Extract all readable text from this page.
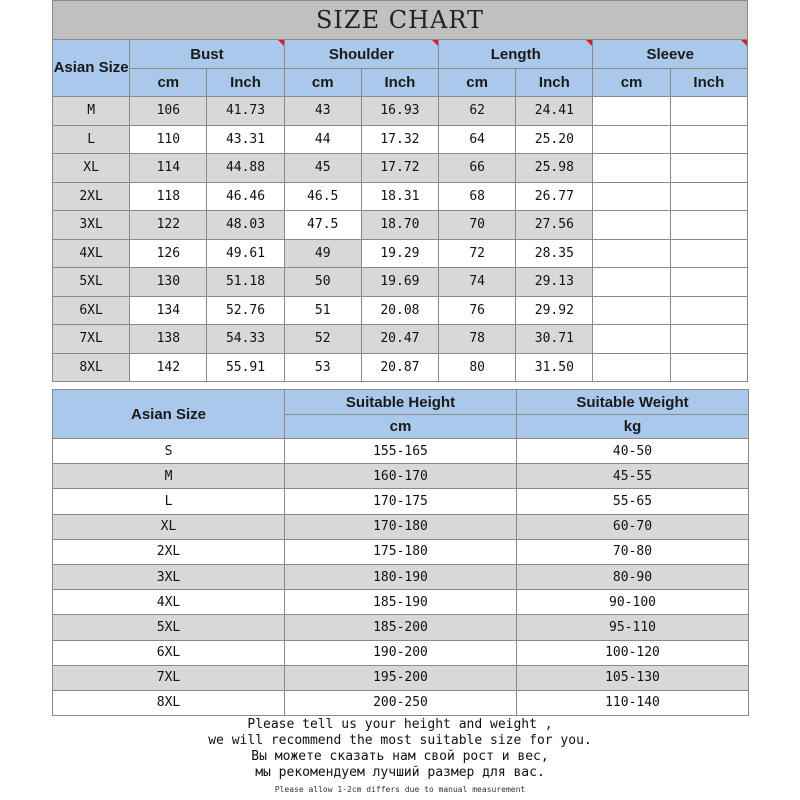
SIZE CHART
Asian Size	Bust		Shoulder		Length		Sleeve	
	cm	Inch	cm	Inch	cm	Inch	cm	Inch
M	106	41.73	43	16.93	62	24.41		
L	110	43.31	44	17.32	64	25.20		
XL	114	44.88	45	17.72	66	25.98		
2XL	118	46.46	46.5	18.31	68	26.77		
3XL	122	48.03	47.5	18.70	70	27.56		
4XL	126	49.61	49	19.29	72	28.35		
5XL	130	51.18	50	19.69	74	29.13		
6XL	134	52.76	51	20.08	76	29.92		
7XL	138	54.33	52	20.47	78	30.71		
8XL	142	55.91	53	20.87	80	31.50		
Asian Size	Suitable Height	Suitable Weight
	cm	kg
S	155-165	40-50
M	160-170	45-55
L	170-175	55-65
XL	170-180	60-70
2XL	175-180	70-80
3XL	180-190	80-90
4XL	185-190	90-100
5XL	185-200	95-110
6XL	190-200	100-120
7XL	195-200	105-130
8XL	200-250	110-140
Please tell us your height and weight ,
we will recommend the most suitable size for you.
Вы можете сказать нам свой рост и вес,
мы рекомендуем лучший размер для вас.
Please allow 1-2cm differs due to manual measurement
